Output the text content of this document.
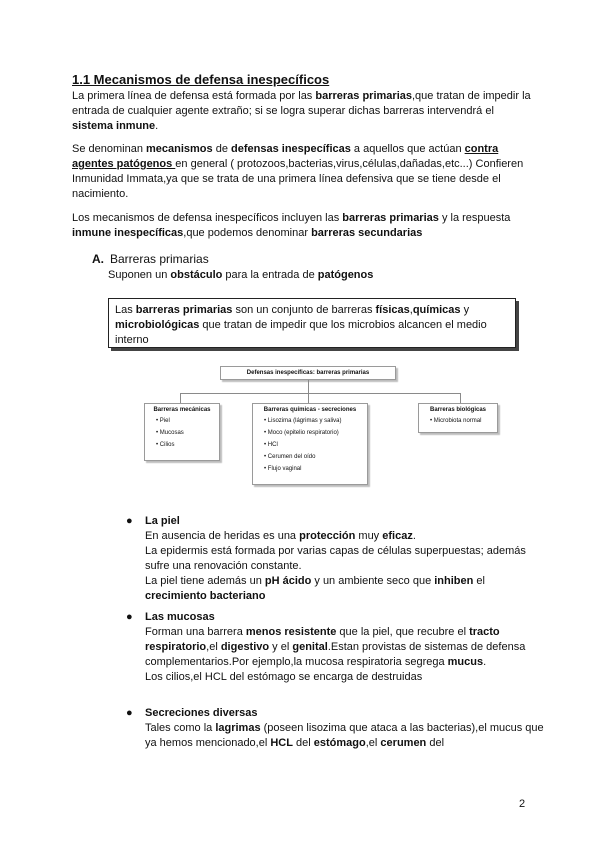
1.1 Mecanismos de defensa inespecíficos

La primera línea de defensa está formada por las barreras primarias,que tratan de impedir la entrada de cualquier agente extraño; si se logra superar dichas barreras intervendrá el sistema inmune.

Se denominan mecanismos de defensas inespecíficas a aquellos que actúan contra agentes patógenos en general ( protozoos,bacterias,virus,células,dañadas,etc...) Confieren Inmunidad Immata,ya que se trata de una primera línea defensiva que se tiene desde el nacimiento.

Los mecanismos de defensa inespecíficos incluyen las barreras primarias y la respuesta inmune inespecíficas,que podemos denominar barreras secundarias

A. Barreras primarias

Suponen un obstáculo para la entrada de patógenos

Las barreras primarias son un conjunto de barreras físicas,químicas y microbiológicas que tratan de impedir que los microbios alcancen el medio interno
Defensas inespecíficas: barreras primarias
Barreras mecánicas
• Piel
• Mucosas
• Cilios
Barreras químicas - secreciones
• Lisozima (lágrimas y saliva)
• Moco (epitelio respiratorio)
• HCl
• Cerumen del oído
• Flujo vaginal
Barreras biológicas
• Microbiota normal
● La piel
En ausencia de heridas es una protección muy eficaz.
La epidermis está formada por varias capas de células superpuestas; además sufre una renovación constante.
La piel tiene además un pH ácido y un ambiente seco que inhiben el crecimiento bacteriano
● Las mucosas
Forman una barrera menos resistente que la piel, que recubre el tracto respiratorio,el digestivo y el genital.Estan provistas de sistemas de defensa complementarios.Por ejemplo,la mucosa respiratoria segrega mucus.
Los cilios,el HCL del estómago se encarga de destruidas
● Secreciones diversas
Tales como la lagrimas (poseen lisozima que ataca a las bacterias),el mucus que ya hemos mencionado,el HCL del estómago,el cerumen del
2
